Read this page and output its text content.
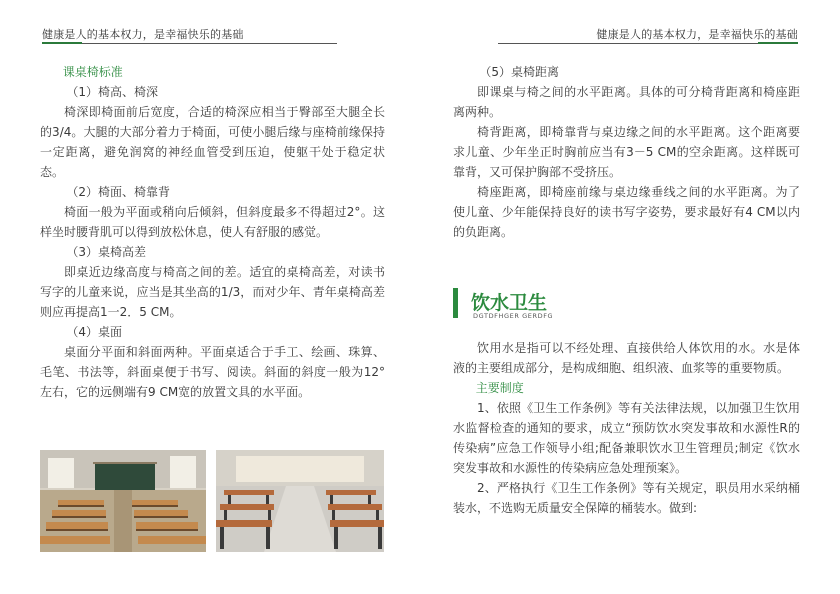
健康是人的基本权力，是幸福快乐的基础	健康是人的基本权力，是幸福快乐的基础
课桌椅标准
（1）椅高、椅深
椅深即椅面前后宽度，合适的椅深应相当于臀部至大腿全长的3/4。大腿的大部分着力于椅面，可使小腿后缘与座椅前缘保持一定距离，避免润窝的神经血管受到压迫，使躯干处于稳定状态。
（2）椅面、椅靠背
椅面一般为平面或稍向后倾斜，但斜度最多不得超过2°。这样坐时腰背肌可以得到放松休息，使人有舒服的感觉。
（3）桌椅高差
即桌近边缘高度与椅高之间的差。适宜的桌椅高差，对读书写字的儿童来说，应当是其坐高的1/3，而对少年、青年桌椅高差则应再提高1一2．5 CM。
（4）桌面
桌面分平面和斜面两种。平面桌适合于手工、绘画、珠算、毛笔、书法等，斜面桌便于书写、阅读。斜面的斜度一般为12°左右，它的远侧端有9 CM宽的放置文具的水平面。
（5）桌椅距离
即课桌与椅之间的水平距离。具体的可分椅背距离和椅座距离两种。
椅背距离，即椅靠背与桌边缘之间的水平距离。这个距离要求儿童、少年坐正时胸前应当有3－5 CM的空余距离。这样既可靠背，又可保护胸部不受挤压。
椅座距离，即椅座前缘与桌边缘垂线之间的水平距离。为了使儿童、少年能保持良好的读书写字姿势，要求最好有4 CM以内的负距离。
饮水卫生
DGTDFHGER GERDFG
饮用水是指可以不经处理、直接供给人体饮用的水。水是体液的主要组成部分，是构成细胞、组织液、血浆等的重要物质。
主要制度
1、依照《卫生工作条例》等有关法律法规，以加强卫生饮用水监督检查的通知的要求，成立“预防饮水突发事故和水源性R的传染病”应急工作领导小组;配备兼职饮水卫生管理员;制定《饮水突发事故和水源性的传染病应急处理预案》。
2、严格执行《卫生工作条例》等有关规定，职员用水采纳桶装水，不选购无质量安全保障的桶装水。做到:
